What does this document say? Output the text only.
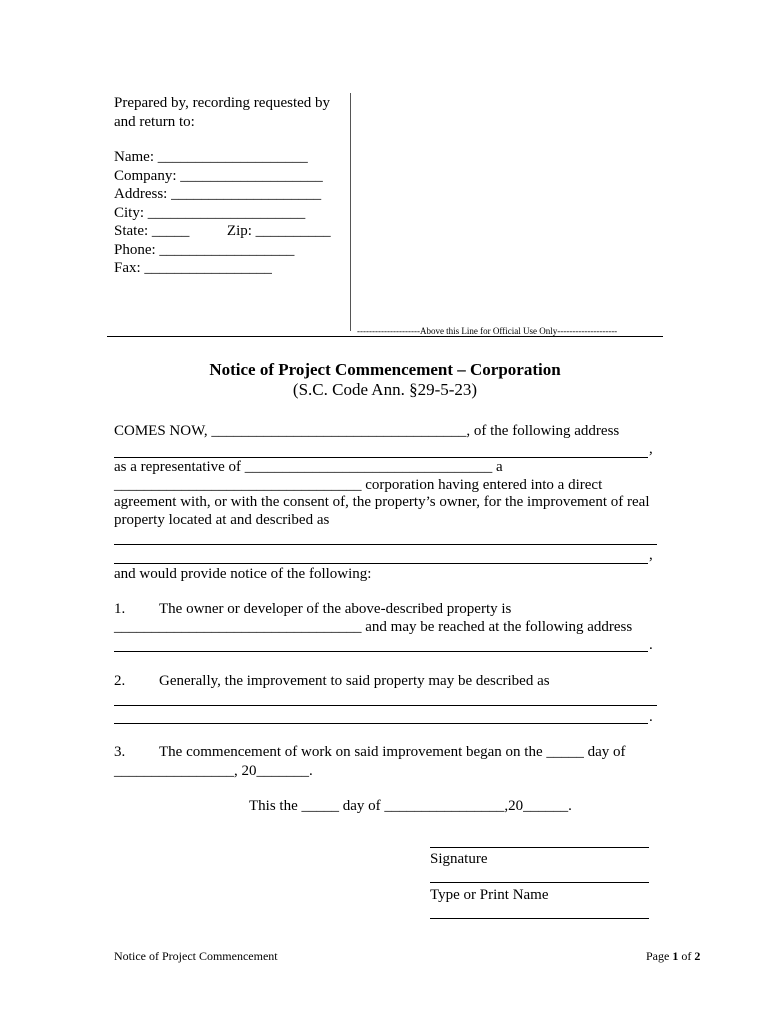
Prepared by, recording requested by
and return to:
Name: ____________________
Company: ___________________
Address: ____________________
City: _____________________
State: _____          Zip: __________
Phone: __________________
Fax: _________________
---------------------Above this Line for Official Use Only--------------------
Notice of Project Commencement – Corporation
(S.C. Code Ann. §29-5-23)
COMES NOW, __________________________________, of the following address
,
as a representative of _________________________________ a
_________________________________ corporation having entered into a direct
agreement with, or with the consent of, the property’s owner, for the improvement of real
property located at and described as
,
and would provide notice of the following:
1. The owner or developer of the above-described property is
_________________________________ and may be reached at the following address
.
2. Generally, the improvement to said property may be described as
.
3. The commencement of work on said improvement began on the _____ day of
________________, 20_______.
This the _____ day of ________________,20______.
Signature
Type or Print Name
Notice of Project Commencement	Page 1 of 2
